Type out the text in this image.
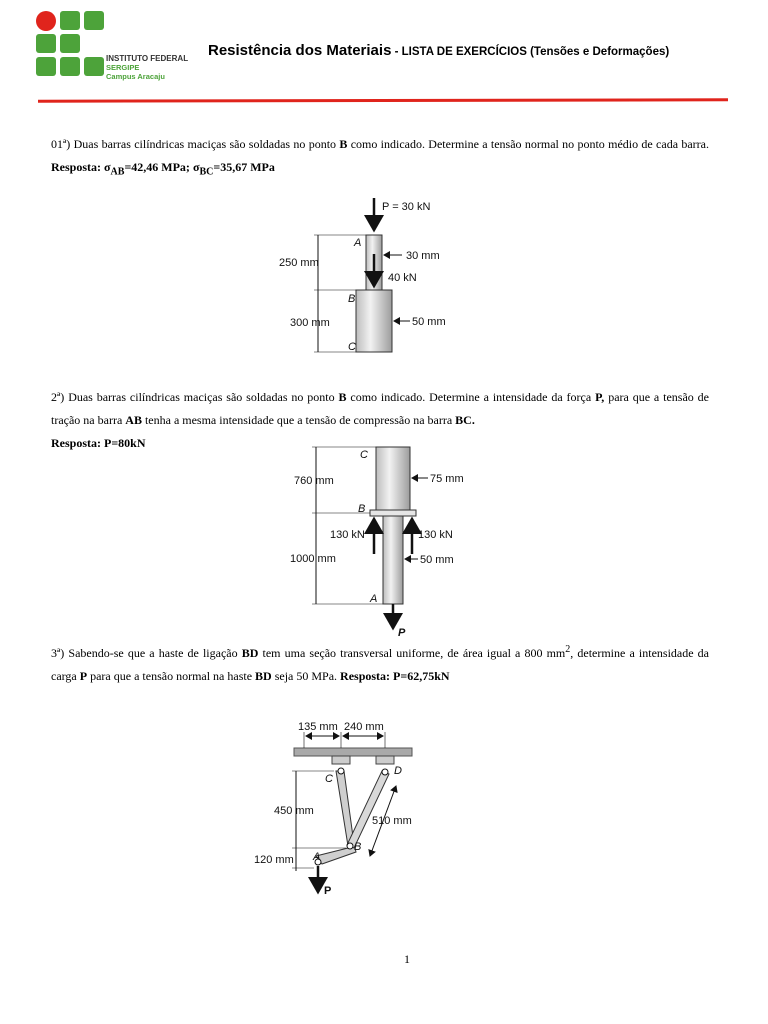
INSTITUTO FEDERAL
SERGIPE
Campus Aracaju
Resistência dos Materiais - LISTA DE EXERCÍCIOS (Tensões e Deformações)
01ª) Duas barras cilíndricas maciças são soldadas no ponto B como indicado. Determine a tensão normal no ponto médio de cada barra. Resposta: $\sigma_{AB}=42,46$ MPa; $\sigma_{BC}=35,67$ MPa
P = 30 kN
40 kN
250 mm
300 mm
A
B
C
30 mm
50 mm
2ª) Duas barras cilíndricas maciças são soldadas no ponto B como indicado. Determine a intensidade da força P, para que a tensão de tração na barra AB tenha a mesma intensidade que a tensão de compressão na barra BC.
Resposta: P=80kN
P
130 kN	130 kN
760 mm
1000 mm
C
B
A
75 mm
50 mm
3ª) Sabendo-se que a haste de ligação BD tem uma seção transversal uniforme, de área igual a 800 $mm^2$, determine a intensidade da carga P para que a tensão normal na haste BD seja 50 MPa. Resposta: P=62,75kN
P
135 mm 240 mm
450 mm
120 mm
510 mm
C
D
B
A
1
